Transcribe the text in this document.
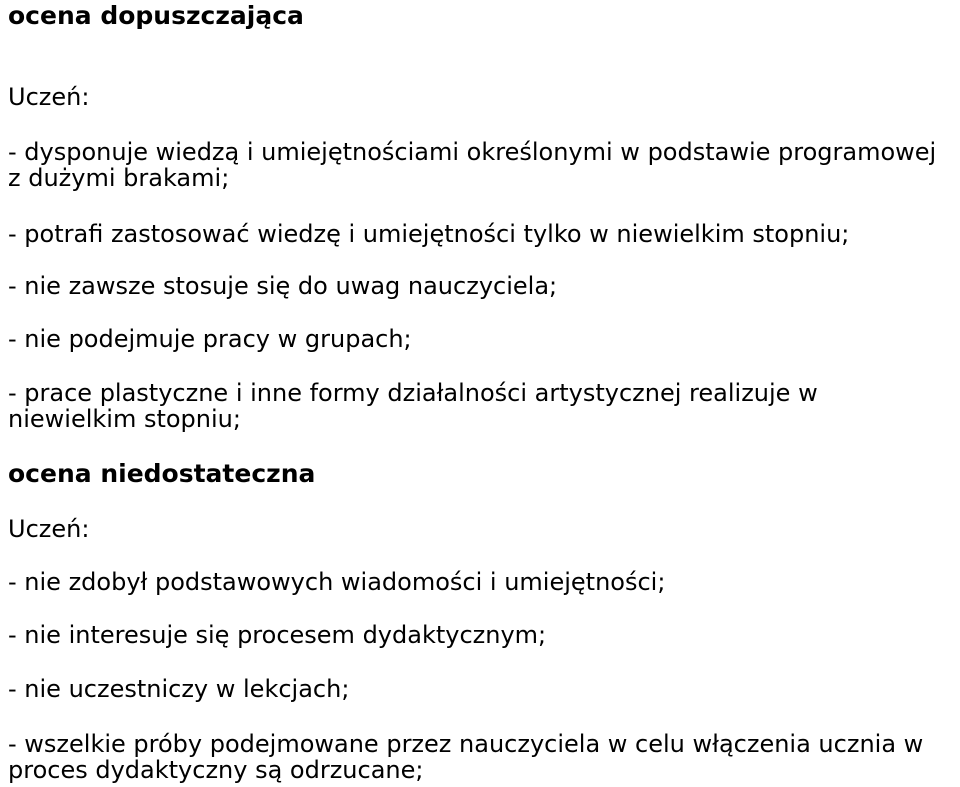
ocena dopuszczająca

Uczeń:

- dysponuje wiedzą i umiejętnościami określonymi w podstawie programowej z dużymi brakami;

- potrafi zastosować wiedzę i umiejętności tylko w niewielkim stopniu;

- nie zawsze stosuje się do uwag nauczyciela;

- nie podejmuje pracy w grupach;

- prace plastyczne i inne formy działalności artystycznej realizuje w niewielkim stopniu;

ocena niedostateczna

Uczeń:

- nie zdobył podstawowych wiadomości i umiejętności;

- nie interesuje się procesem dydaktycznym;

- nie uczestniczy w lekcjach;

- wszelkie próby podejmowane przez nauczyciela w celu włączenia ucznia w proces dydaktyczny są odrzucane;
